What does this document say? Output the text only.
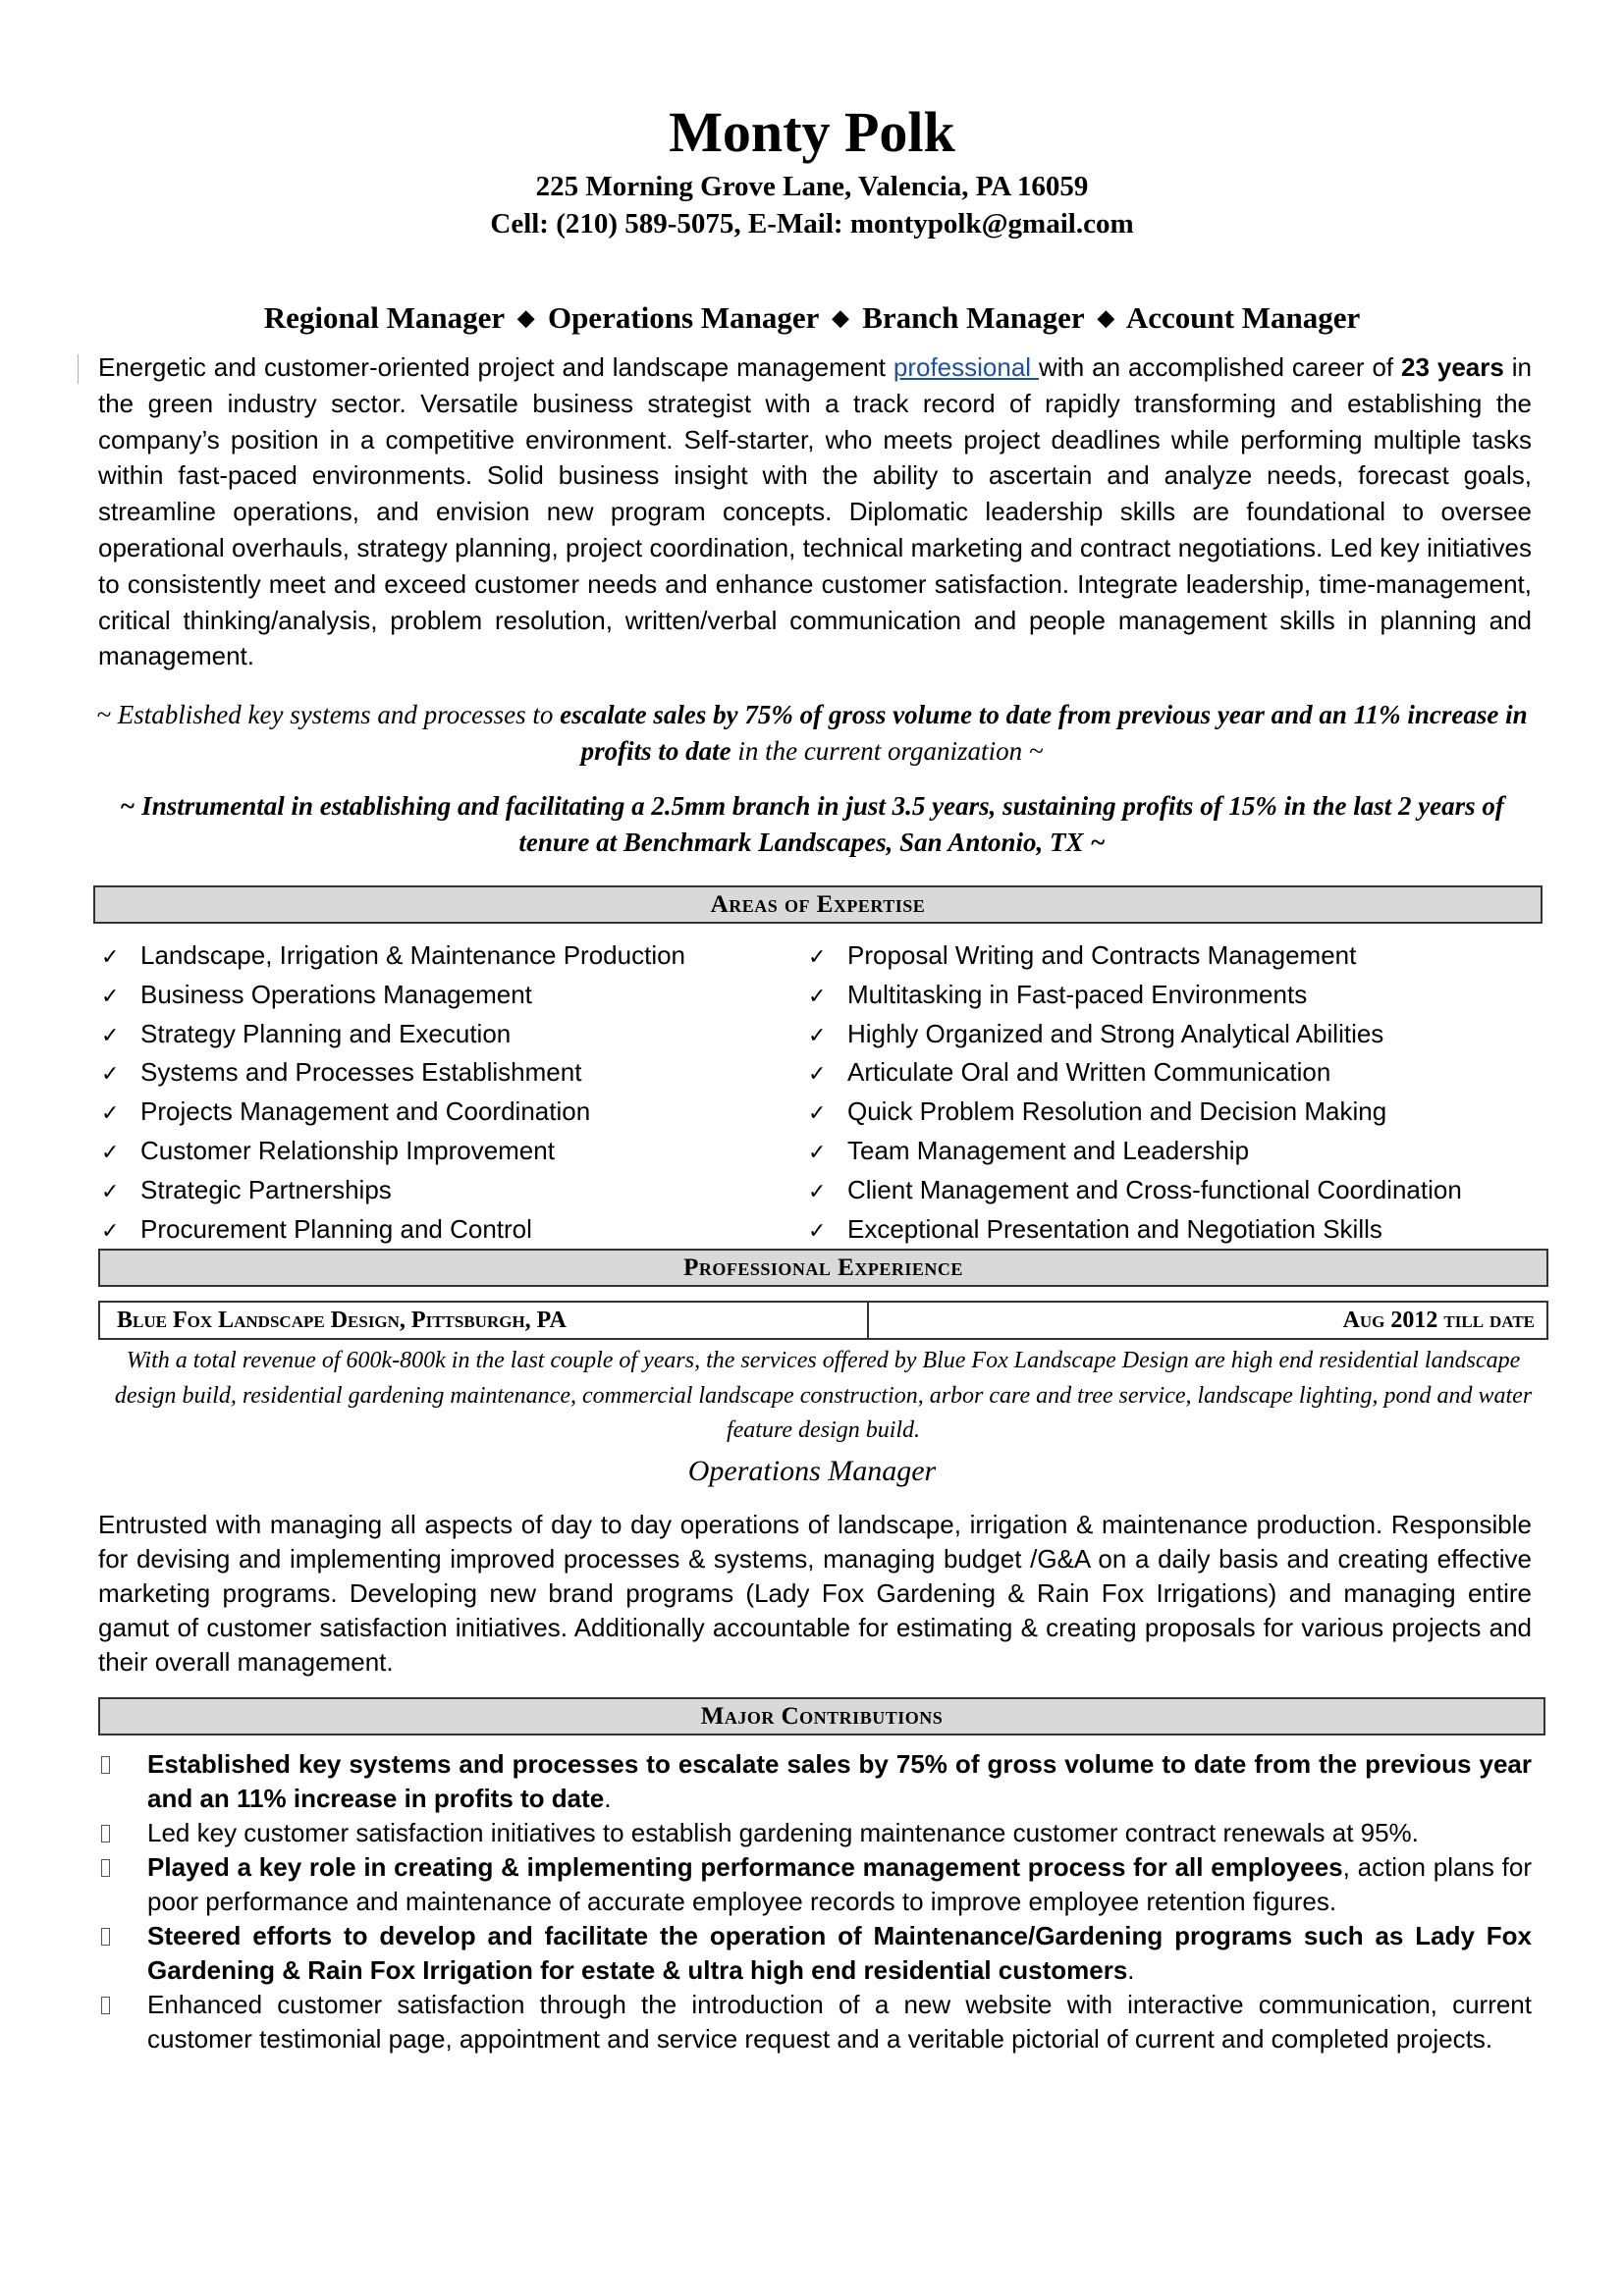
Monty Polk
225 Morning Grove Lane, Valencia, PA 16059
Cell: (210) 589-5075, E-Mail: montypolk@gmail.com
Regional Manager ◆ Operations Manager ◆ Branch Manager ◆ Account Manager

Energetic and customer-oriented project and landscape management professional with an accomplished career of 23 years in the green industry sector. Versatile business strategist with a track record of rapidly transforming and establishing the company’s position in a competitive environment. Self-starter, who meets project deadlines while performing multiple tasks within fast-paced environments. Solid business insight with the ability to ascertain and analyze needs, forecast goals, streamline operations, and envision new program concepts. Diplomatic leadership skills are foundational to oversee operational overhauls, strategy planning, project coordination, technical marketing and contract negotiations. Led key initiatives to consistently meet and exceed customer needs and enhance customer satisfaction. Integrate leadership, time-management, critical thinking/analysis, problem resolution, written/verbal communication and people management skills in planning and management.

~ Established key systems and processes to escalate sales by 75% of gross volume to date from previous year and an 11% increase in profits to date in the current organization ~

~ Instrumental in establishing and facilitating a 2.5mm branch in just 3.5 years, sustaining profits of 15% in the last 2 years of tenure at Benchmark Landscapes, San Antonio, TX ~

Areas of Expertise
✓ Landscape, Irrigation & Maintenance Production
✓ Business Operations Management
✓ Strategy Planning and Execution
✓ Systems and Processes Establishment
✓ Projects Management and Coordination
✓ Customer Relationship Improvement
✓ Strategic Partnerships
✓ Procurement Planning and Control
✓ Proposal Writing and Contracts Management
✓ Multitasking in Fast-paced Environments
✓ Highly Organized and Strong Analytical Abilities
✓ Articulate Oral and Written Communication
✓ Quick Problem Resolution and Decision Making
✓ Team Management and Leadership
✓ Client Management and Cross-functional Coordination
✓ Exceptional Presentation and Negotiation Skills
Professional Experience
Blue Fox Landscape Design, Pittsburgh, PA	Aug 2012 till date

With a total revenue of 600k-800k in the last couple of years, the services offered by Blue Fox Landscape Design are high end residential landscape design build, residential gardening maintenance, commercial landscape construction, arbor care and tree service, landscape lighting, pond and water feature design build.

Operations Manager

Entrusted with managing all aspects of day to day operations of landscape, irrigation & maintenance production. Responsible for devising and implementing improved processes & systems, managing budget /G&A on a daily basis and creating effective marketing programs. Developing new brand programs (Lady Fox Gardening & Rain Fox Irrigations) and managing entire gamut of customer satisfaction initiatives. Additionally accountable for estimating & creating proposals for various projects and their overall management.

Major Contributions
Established key systems and processes to escalate sales by 75% of gross volume to date from the previous year and an 11% increase in profits to date.
Led key customer satisfaction initiatives to establish gardening maintenance customer contract renewals at 95%.
Played a key role in creating & implementing performance management process for all employees, action plans for poor performance and maintenance of accurate employee records to improve employee retention figures.
Steered efforts to develop and facilitate the operation of Maintenance/Gardening programs such as Lady Fox Gardening & Rain Fox Irrigation for estate & ultra high end residential customers.
Enhanced customer satisfaction through the introduction of a new website with interactive communication, current customer testimonial page, appointment and service request and a veritable pictorial of current and completed projects.
